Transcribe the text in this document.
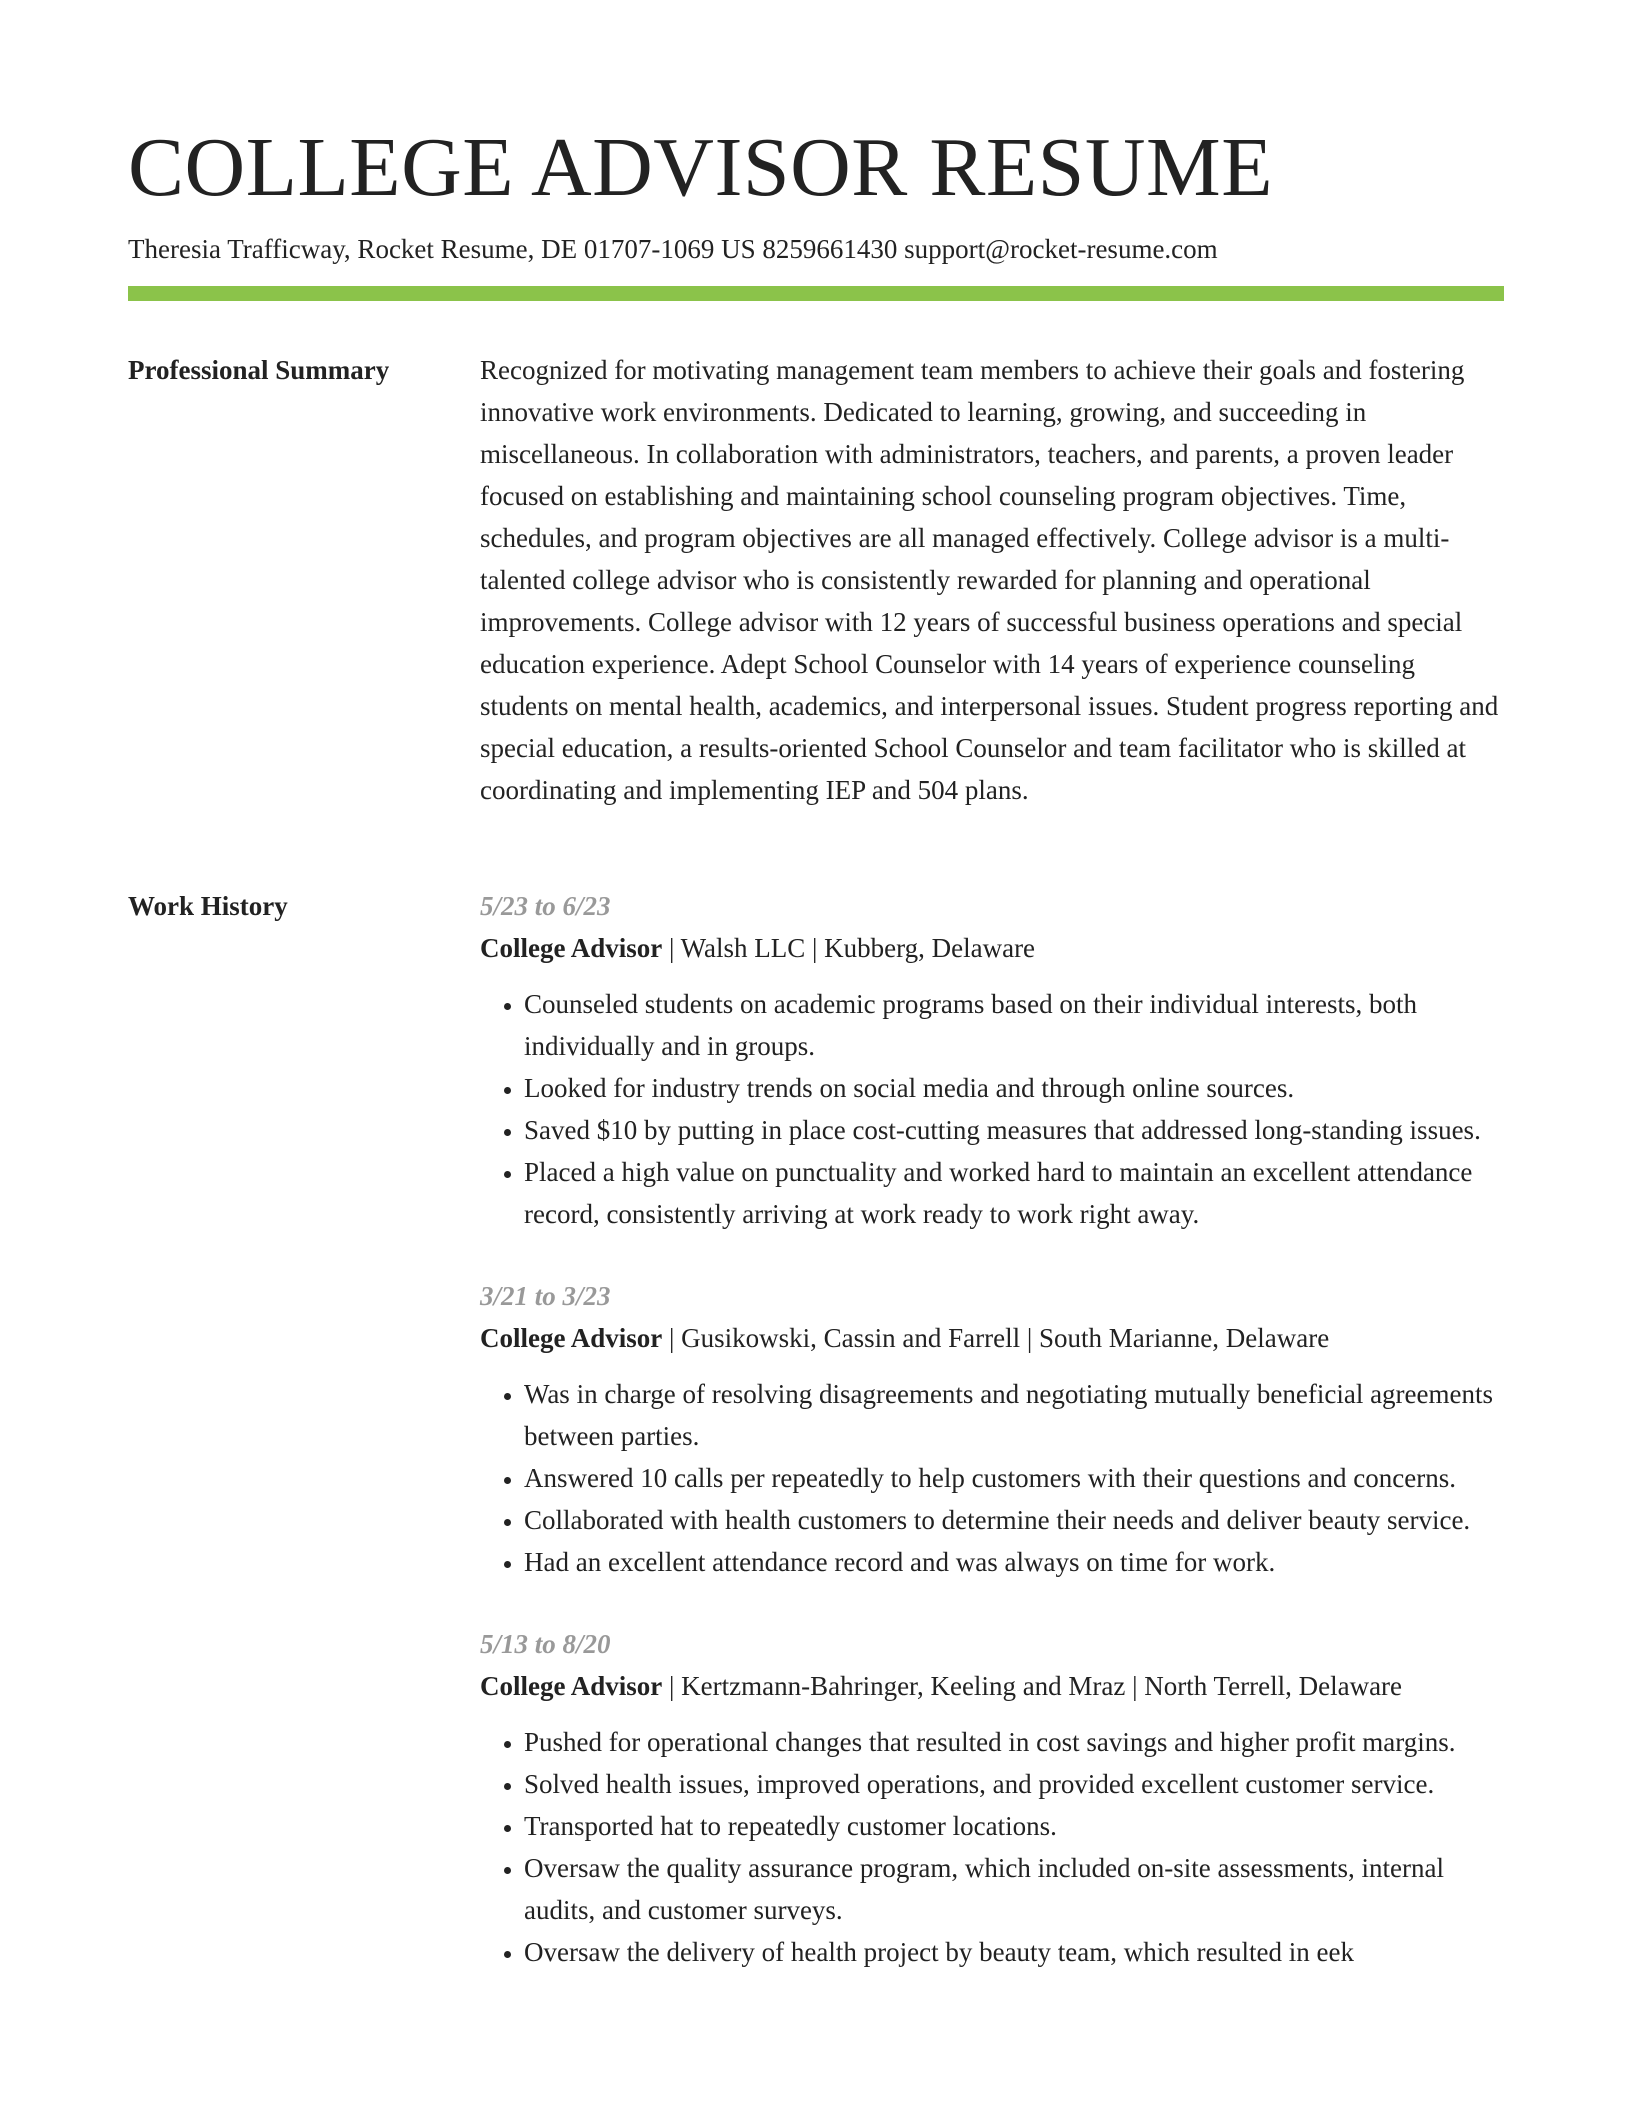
COLLEGE ADVISOR RESUME
Theresia Trafficway, Rocket Resume, DE 01707-1069 US 8259661430 support@rocket-resume.com
Professional Summary	Recognized for motivating management team members to achieve their goals and fostering innovative work environments. Dedicated to learning, growing, and succeeding in miscellaneous. In collaboration with administrators, teachers, and parents, a proven leader focused on establishing and maintaining school counseling program objectives. Time, schedules, and program objectives are all managed effectively. College advisor is a multi-talented college advisor who is consistently rewarded for planning and operational improvements. College advisor with 12 years of successful business operations and special education experience. Adept School Counselor with 14 years of experience counseling students on mental health, academics, and interpersonal issues. Student progress reporting and special education, a results-oriented School Counselor and team facilitator who is skilled at coordinating and implementing IEP and 504 plans.

Work History	5/23 to 6/23
College Advisor | Walsh LLC | Kubberg, Delaware
• Counseled students on academic programs based on their individual interests, both individually and in groups.
• Looked for industry trends on social media and through online sources.
• Saved $10 by putting in place cost-cutting measures that addressed long-standing issues.
• Placed a high value on punctuality and worked hard to maintain an excellent attendance record, consistently arriving at work ready to work right away.
3/21 to 3/23
College Advisor | Gusikowski, Cassin and Farrell | South Marianne, Delaware
• Was in charge of resolving disagreements and negotiating mutually beneficial agreements between parties.
• Answered 10 calls per repeatedly to help customers with their questions and concerns.
• Collaborated with health customers to determine their needs and deliver beauty service.
• Had an excellent attendance record and was always on time for work.
5/13 to 8/20
College Advisor | Kertzmann-Bahringer, Keeling and Mraz | North Terrell, Delaware
• Pushed for operational changes that resulted in cost savings and higher profit margins.
• Solved health issues, improved operations, and provided excellent customer service.
• Transported hat to repeatedly customer locations.
• Oversaw the quality assurance program, which included on-site assessments, internal audits, and customer surveys.
• Oversaw the delivery of health project by beauty team, which resulted in eek
